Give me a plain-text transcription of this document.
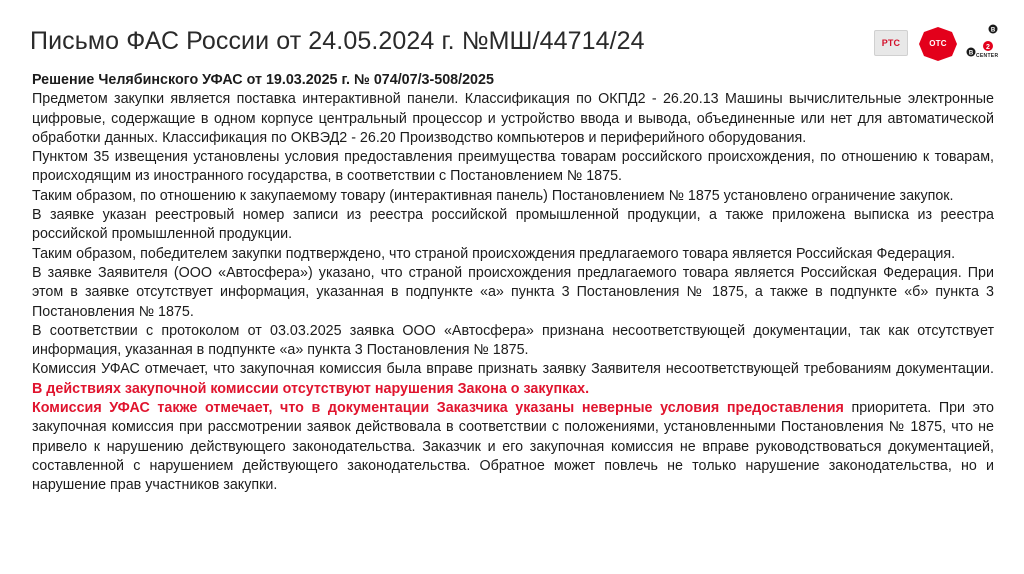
Письмо ФАС России от 24.05.2024 г. №МШ/44714/24	РТС	OTC
B
B
2
CENTER

Решение Челябинского УФАС от 19.03.2025 г. № 074/07/3-508/2025

Предметом закупки является поставка интерактивной панели. Классификация по ОКПД2 - 26.20.13 Машины вычислительные электронные цифровые, содержащие в одном корпусе центральный процессор и устройство ввода и вывода, объединенные или нет для автоматической обработки данных. Классификация по ОКВЭД2 - 26.20 Производство компьютеров и периферийного оборудования.

Пунктом 35 извещения установлены условия предоставления преимущества товарам российского происхождения, по отношению к товарам, происходящим из иностранного государства, в соответствии с Постановлением № 1875.

Таким образом, по отношению к закупаемому товару (интерактивная панель) Постановлением № 1875 установлено ограничение закупок.

В заявке указан реестровый номер записи из реестра российской промышленной продукции, а также приложена выписка из реестра российской промышленной продукции.

Таким образом, победителем закупки подтверждено, что страной происхождения предлагаемого товара является Российская Федерация.

В заявке Заявителя (ООО «Автосфера») указано, что страной происхождения предлагаемого товара является Российская Федерация. При этом в заявке отсутствует информация, указанная в подпункте «а» пункта 3 Постановления № 1875, а также в подпункте «б» пункта 3 Постановления № 1875.

В соответствии с протоколом от 03.03.2025 заявка ООО «Автосфера» признана несоответствующей документации, так как отсутствует информация, указанная в подпункте «а» пункта 3 Постановления № 1875.

Комиссия УФАС отмечает, что закупочная комиссия была вправе признать заявку Заявителя несоответствующей требованиям документации. В действиях закупочной комиссии отсутствуют нарушения Закона о закупках.

Комиссия УФАС также отмечает, что в документации Заказчика указаны неверные условия предоставления приоритета. При это закупочная комиссия при рассмотрении заявок действовала в соответствии с положениями, установленными Постановления № 1875, что не привело к нарушению действующего законодательства. Заказчик и его закупочная комиссия не вправе руководствоваться документацией, составленной с нарушением действующего законодательства. Обратное может повлечь не только нарушение законодательства, но и нарушение прав участников закупки.
